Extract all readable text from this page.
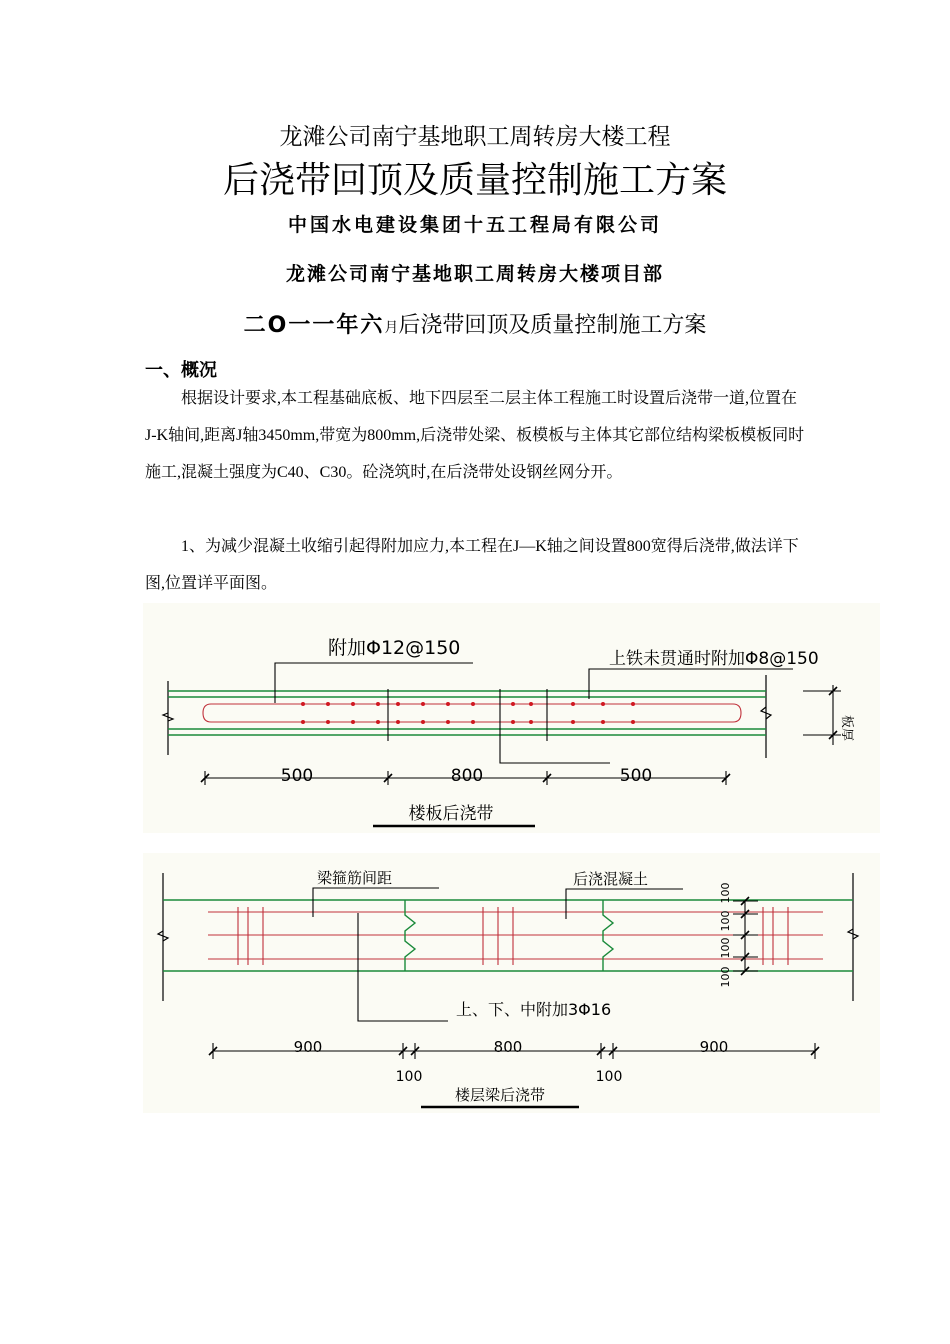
龙滩公司南宁基地职工周转房大楼工程
后浇带回顶及质量控制施工方案
中国水电建设集团十五工程局有限公司
龙滩公司南宁基地职工周转房大楼项目部
二O一一年六月后浇带回顶及质量控制施工方案
一、概况

根据设计要求,本工程基础底板、地下四层至二层主体工程施工时设置后浇带一道,位置在J-K轴间,距离J轴3450mm,带宽为800mm,后浇带处梁、板模板与主体其它部位结构梁板模板同时施工,混凝土强度为C40、C30。砼浇筑时,在后浇带处设钢丝网分开。

1、为减少混凝土收缩引起得附加应力,本工程在J—K轴之间设置800宽得后浇带,做法详下图,位置详平面图。

附加Φ12@150	上铁未贯通时附加Φ8@150
板厚
500	800	500
楼板后浇带
梁箍筋间距	后浇混凝土
上、下、中附加3Φ16
900	800	900
100	100
100
100
100
100
楼层梁后浇带
